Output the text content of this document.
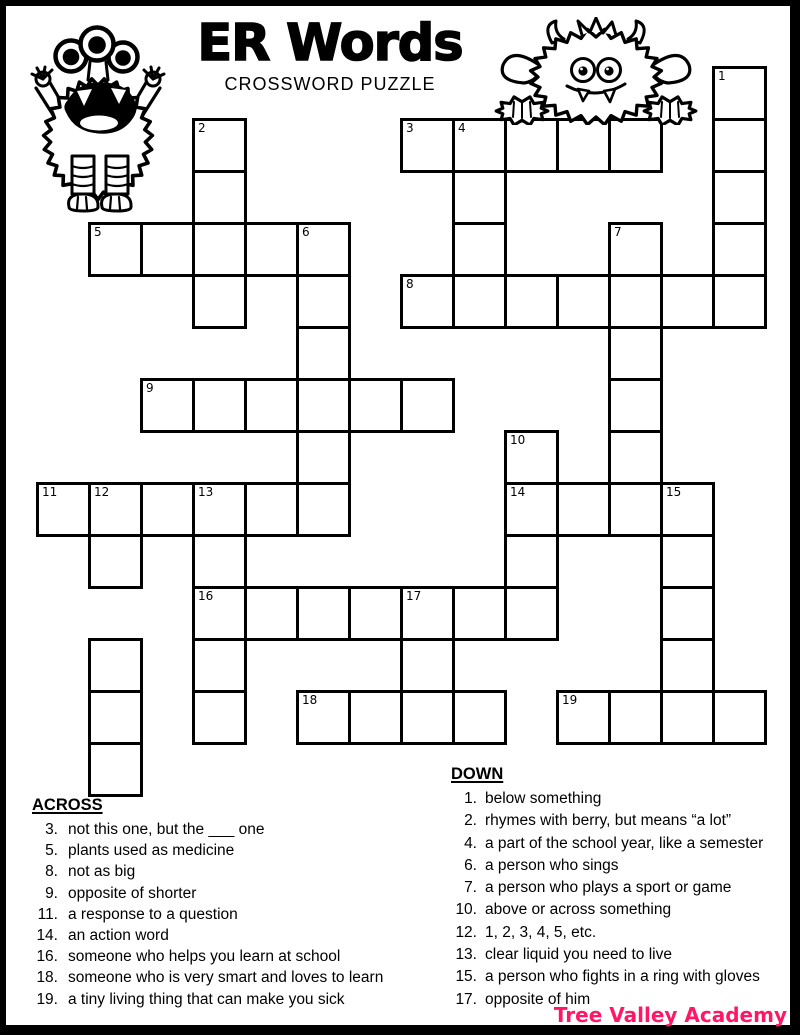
ER Words
CROSSWORD PUZZLE	1
2	3	4
5	6	7
8
9
10
11	12	13	14	15
16	17
18	19
ACROSS
3. not this one, but the ___ one
5. plants used as medicine
8. not as big
9. opposite of shorter
11. a response to a question
14. an action word
16. someone who helps you learn at school
18. someone who is very smart and loves to learn
19. a tiny living thing that can make you sick
DOWN
1. below something
2. rhymes with berry, but means “a lot”
4. a part of the school year, like a semester
6. a person who sings
7. a person who plays a sport or game
10. above or across something
12. 1, 2, 3, 4, 5, etc.
13. clear liquid you need to live
15. a person who fights in a ring with gloves
17. opposite of him
Tree Valley Academy
